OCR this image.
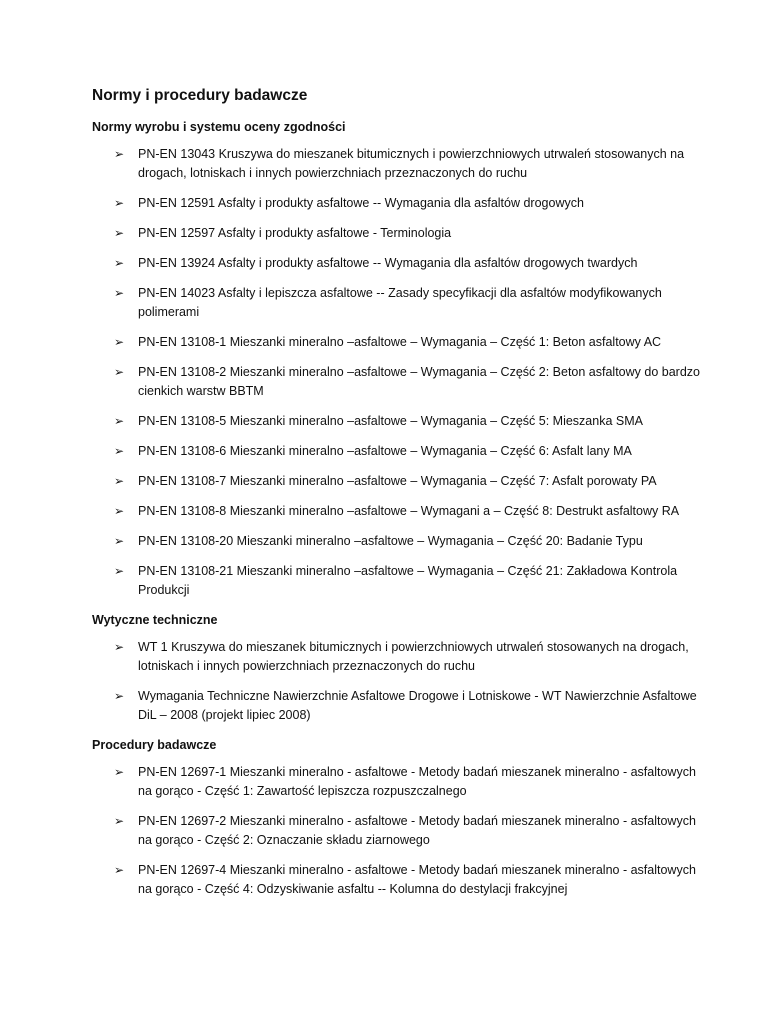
Normy i procedury badawcze
Normy wyrobu i systemu oceny zgodności
➢ PN-EN 13043 Kruszywa do mieszanek bitumicznych i powierzchniowych utrwaleń stosowanych na drogach, lotniskach i innych powierzchniach przeznaczonych do ruchu
➢ PN-EN 12591 Asfalty i produkty asfaltowe -- Wymagania dla asfaltów drogowych
➢ PN-EN 12597 Asfalty i produkty asfaltowe - Terminologia
➢ PN-EN 13924 Asfalty i produkty asfaltowe -- Wymagania dla asfaltów drogowych twardych
➢ PN-EN 14023 Asfalty i lepiszcza asfaltowe -- Zasady specyfikacji dla asfaltów modyfikowanych polimerami
➢ PN-EN 13108-1 Mieszanki mineralno –asfaltowe – Wymagania – Część 1: Beton asfaltowy AC
➢ PN-EN 13108-2 Mieszanki mineralno –asfaltowe – Wymagania – Część 2: Beton asfaltowy do bardzo cienkich warstw BBTM
➢ PN-EN 13108-5 Mieszanki mineralno –asfaltowe – Wymagania – Część 5: Mieszanka SMA
➢ PN-EN 13108-6 Mieszanki mineralno –asfaltowe – Wymagania – Część 6: Asfalt lany MA
➢ PN-EN 13108-7 Mieszanki mineralno –asfaltowe – Wymagania – Część 7: Asfalt porowaty PA
➢ PN-EN 13108-8 Mieszanki mineralno –asfaltowe – Wymagani a – Część 8: Destrukt asfaltowy RA
➢ PN-EN 13108-20 Mieszanki mineralno –asfaltowe – Wymagania – Część 20: Badanie Typu
➢ PN-EN 13108-21 Mieszanki mineralno –asfaltowe – Wymagania – Część 21: Zakładowa Kontrola Produkcji
Wytyczne techniczne
➢ WT 1 Kruszywa do mieszanek bitumicznych i powierzchniowych utrwaleń stosowanych na drogach, lotniskach i innych powierzchniach przeznaczonych do ruchu
➢ Wymagania Techniczne Nawierzchnie Asfaltowe Drogowe i Lotniskowe - WT Nawierzchnie Asfaltowe DiL – 2008 (projekt lipiec 2008)
Procedury badawcze
➢ PN-EN 12697-1 Mieszanki mineralno - asfaltowe - Metody badań mieszanek mineralno - asfaltowych na gorąco - Część 1: Zawartość lepiszcza rozpuszczalnego
➢ PN-EN 12697-2 Mieszanki mineralno - asfaltowe - Metody badań mieszanek mineralno - asfaltowych na gorąco - Część 2: Oznaczanie składu ziarnowego
➢ PN-EN 12697-4 Mieszanki mineralno - asfaltowe - Metody badań mieszanek mineralno - asfaltowych na gorąco - Część 4: Odzyskiwanie asfaltu -- Kolumna do destylacji frakcyjnej
